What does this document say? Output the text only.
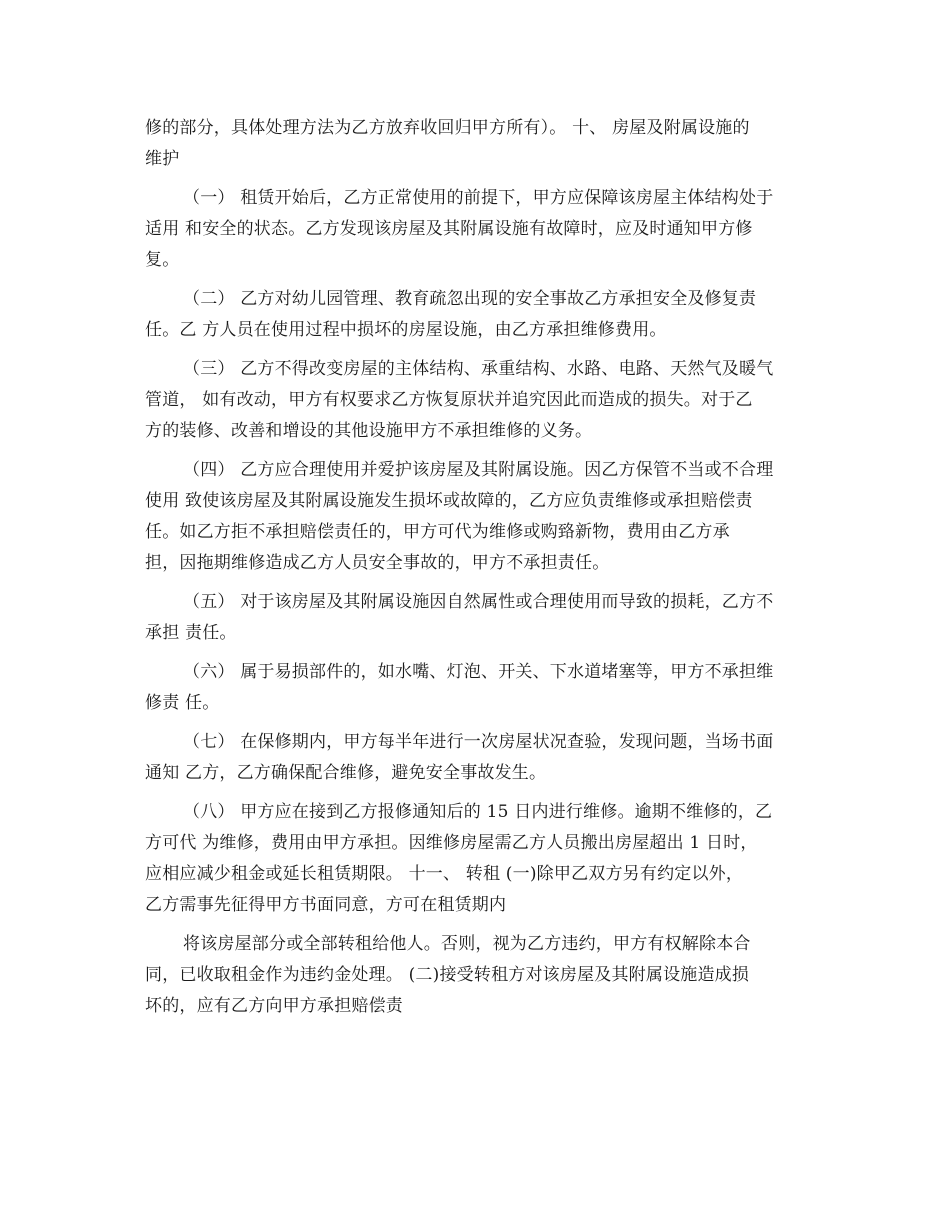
修的部分，具体处理方法为乙方放弃收回归甲方所有）。 十、 房屋及附属设施的
维护

（一） 租赁开始后，乙方正常使用的前提下，甲方应保障该房屋主体结构处于
适用 和安全的状态。乙方发现该房屋及其附属设施有故障时，应及时通知甲方修
复。

（二） 乙方对幼儿园管理、教育疏忽出现的安全事故乙方承担安全及修复责
任。乙 方人员在使用过程中损坏的房屋设施，由乙方承担维修费用。

（三） 乙方不得改变房屋的主体结构、承重结构、水路、电路、天然气及暖气
管道， 如有改动，甲方有权要求乙方恢复原状并追究因此而造成的损失。对于乙
方的装修、改善和增设的其他设施甲方不承担维修的义务。

（四） 乙方应合理使用并爱护该房屋及其附属设施。因乙方保管不当或不合理
使用 致使该房屋及其附属设施发生损坏或故障的，乙方应负责维修或承担赔偿责
任。如乙方拒不承担赔偿责任的，甲方可代为维修或购臵新物，费用由乙方承
担，因拖期维修造成乙方人员安全事故的，甲方不承担责任。

（五） 对于该房屋及其附属设施因自然属性或合理使用而导致的损耗，乙方不
承担 责任。

（六） 属于易损部件的，如水嘴、灯泡、开关、下水道堵塞等，甲方不承担维
修责 任。

（七） 在保修期内，甲方每半年进行一次房屋状况查验，发现问题，当场书面
通知 乙方，乙方确保配合维修，避免安全事故发生。

（八） 甲方应在接到乙方报修通知后的 15 日内进行维修。逾期不维修的，乙
方可代 为维修，费用由甲方承担。因维修房屋需乙方人员搬出房屋超出 1 日时，
应相应减少租金或延长租赁期限。 十一、 转租 (一)除甲乙双方另有约定以外，
乙方需事先征得甲方书面同意，方可在租赁期内

将该房屋部分或全部转租给他人。否则，视为乙方违约，甲方有权解除本合
同，已收取租金作为违约金处理。 (二)接受转租方对该房屋及其附属设施造成损
坏的，应有乙方向甲方承担赔偿责
